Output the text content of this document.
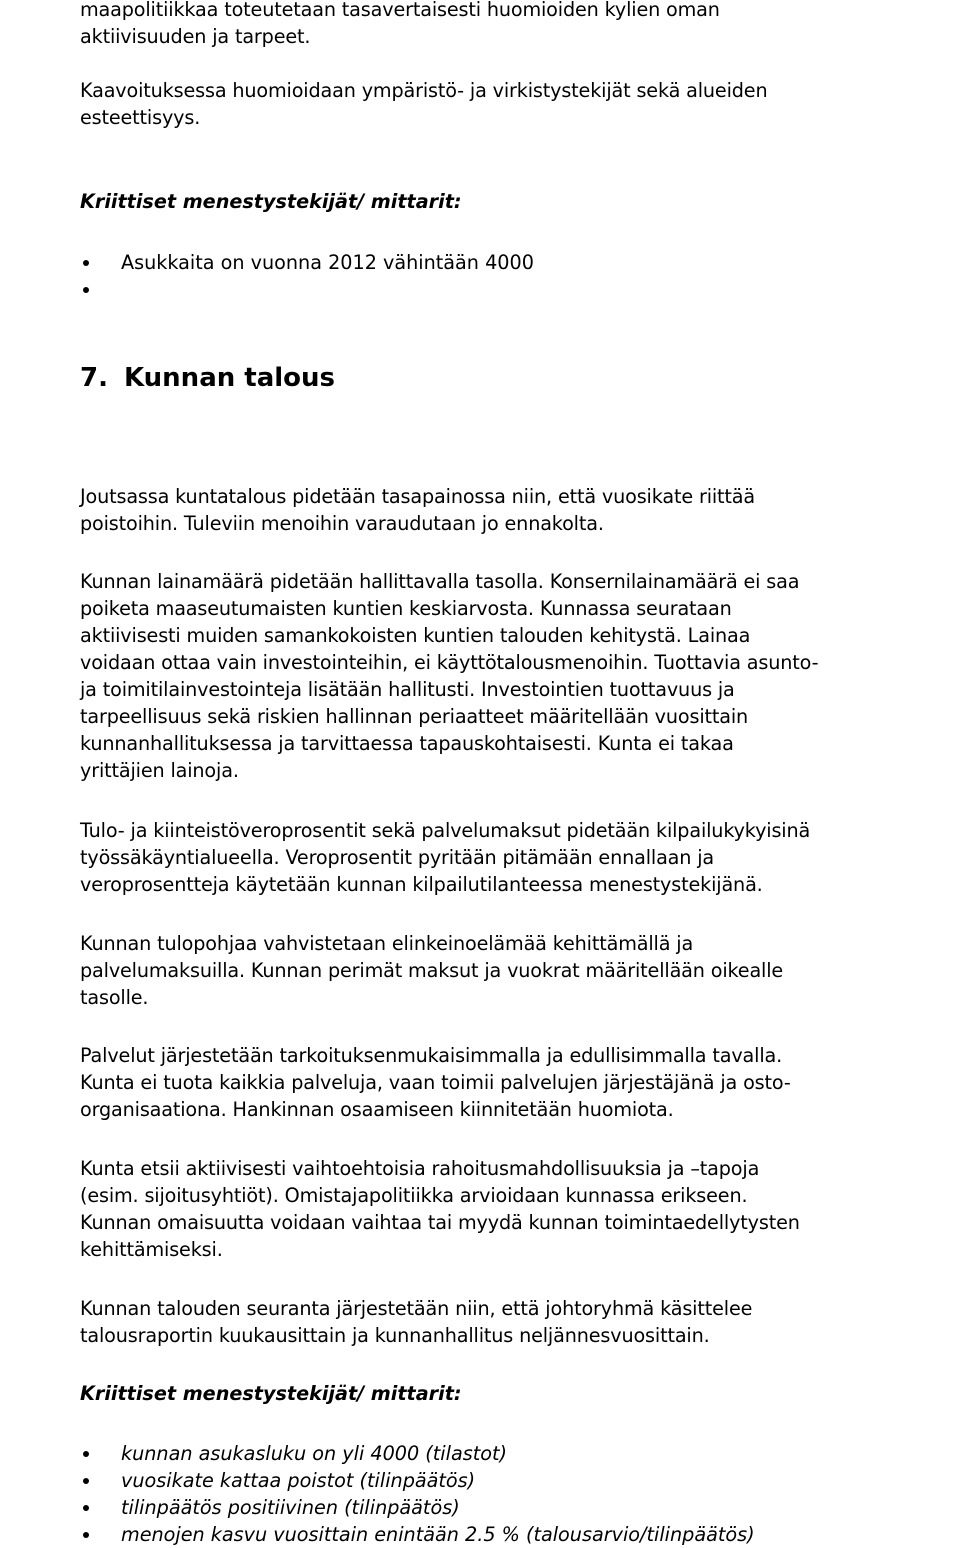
maapolitiikkaa toteutetaan tasavertaisesti huomioiden kylien oman
aktiivisuuden ja tarpeet.
Kaavoituksessa huomioidaan ympäristö- ja virkistystekijät sekä alueiden
esteettisyys.
Kriittiset menestystekijät/ mittarit:
Asukkaita on vuonna 2012 vähintään 4000
7. Kunnan talous
Joutsassa kuntatalous pidetään tasapainossa niin, että vuosikate riittää
poistoihin. Tuleviin menoihin varaudutaan jo ennakolta.
Kunnan lainamäärä pidetään hallittavalla tasolla. Konsernilainamäärä ei saa
poiketa maaseutumaisten kuntien keskiarvosta. Kunnassa seurataan
aktiivisesti muiden samankokoisten kuntien talouden kehitystä. Lainaa
voidaan ottaa vain investointeihin, ei käyttötalousmenoihin. Tuottavia asunto-
ja toimitilainvestointeja lisätään hallitusti. Investointien tuottavuus ja
tarpeellisuus sekä riskien hallinnan periaatteet määritellään vuosittain
kunnanhallituksessa ja tarvittaessa tapauskohtaisesti. Kunta ei takaa
yrittäjien lainoja.
Tulo- ja kiinteistöveroprosentit sekä palvelumaksut pidetään kilpailukykyisinä
työssäkäyntialueella. Veroprosentit pyritään pitämään ennallaan ja
veroprosentteja käytetään kunnan kilpailutilanteessa menestystekijänä.
Kunnan tulopohjaa vahvistetaan elinkeinoelämää kehittämällä ja
palvelumaksuilla. Kunnan perimät maksut ja vuokrat määritellään oikealle
tasolle.
Palvelut järjestetään tarkoituksenmukaisimmalla ja edullisimmalla tavalla.
Kunta ei tuota kaikkia palveluja, vaan toimii palvelujen järjestäjänä ja osto-
organisaationa. Hankinnan osaamiseen kiinnitetään huomiota.
Kunta etsii aktiivisesti vaihtoehtoisia rahoitusmahdollisuuksia ja –tapoja
(esim. sijoitusyhtiöt). Omistajapolitiikka arvioidaan kunnassa erikseen.
Kunnan omaisuutta voidaan vaihtaa tai myydä kunnan toimintaedellytysten
kehittämiseksi.
Kunnan talouden seuranta järjestetään niin, että johtoryhmä käsittelee
talousraportin kuukausittain ja kunnanhallitus neljännesvuosittain.
Kriittiset menestystekijät/ mittarit:
kunnan asukasluku on yli 4000 (tilastot)
vuosikate kattaa poistot (tilinpäätös)
tilinpäätös positiivinen (tilinpäätös)
menojen kasvu vuosittain enintään 2.5 % (talousarvio/tilinpäätös)
